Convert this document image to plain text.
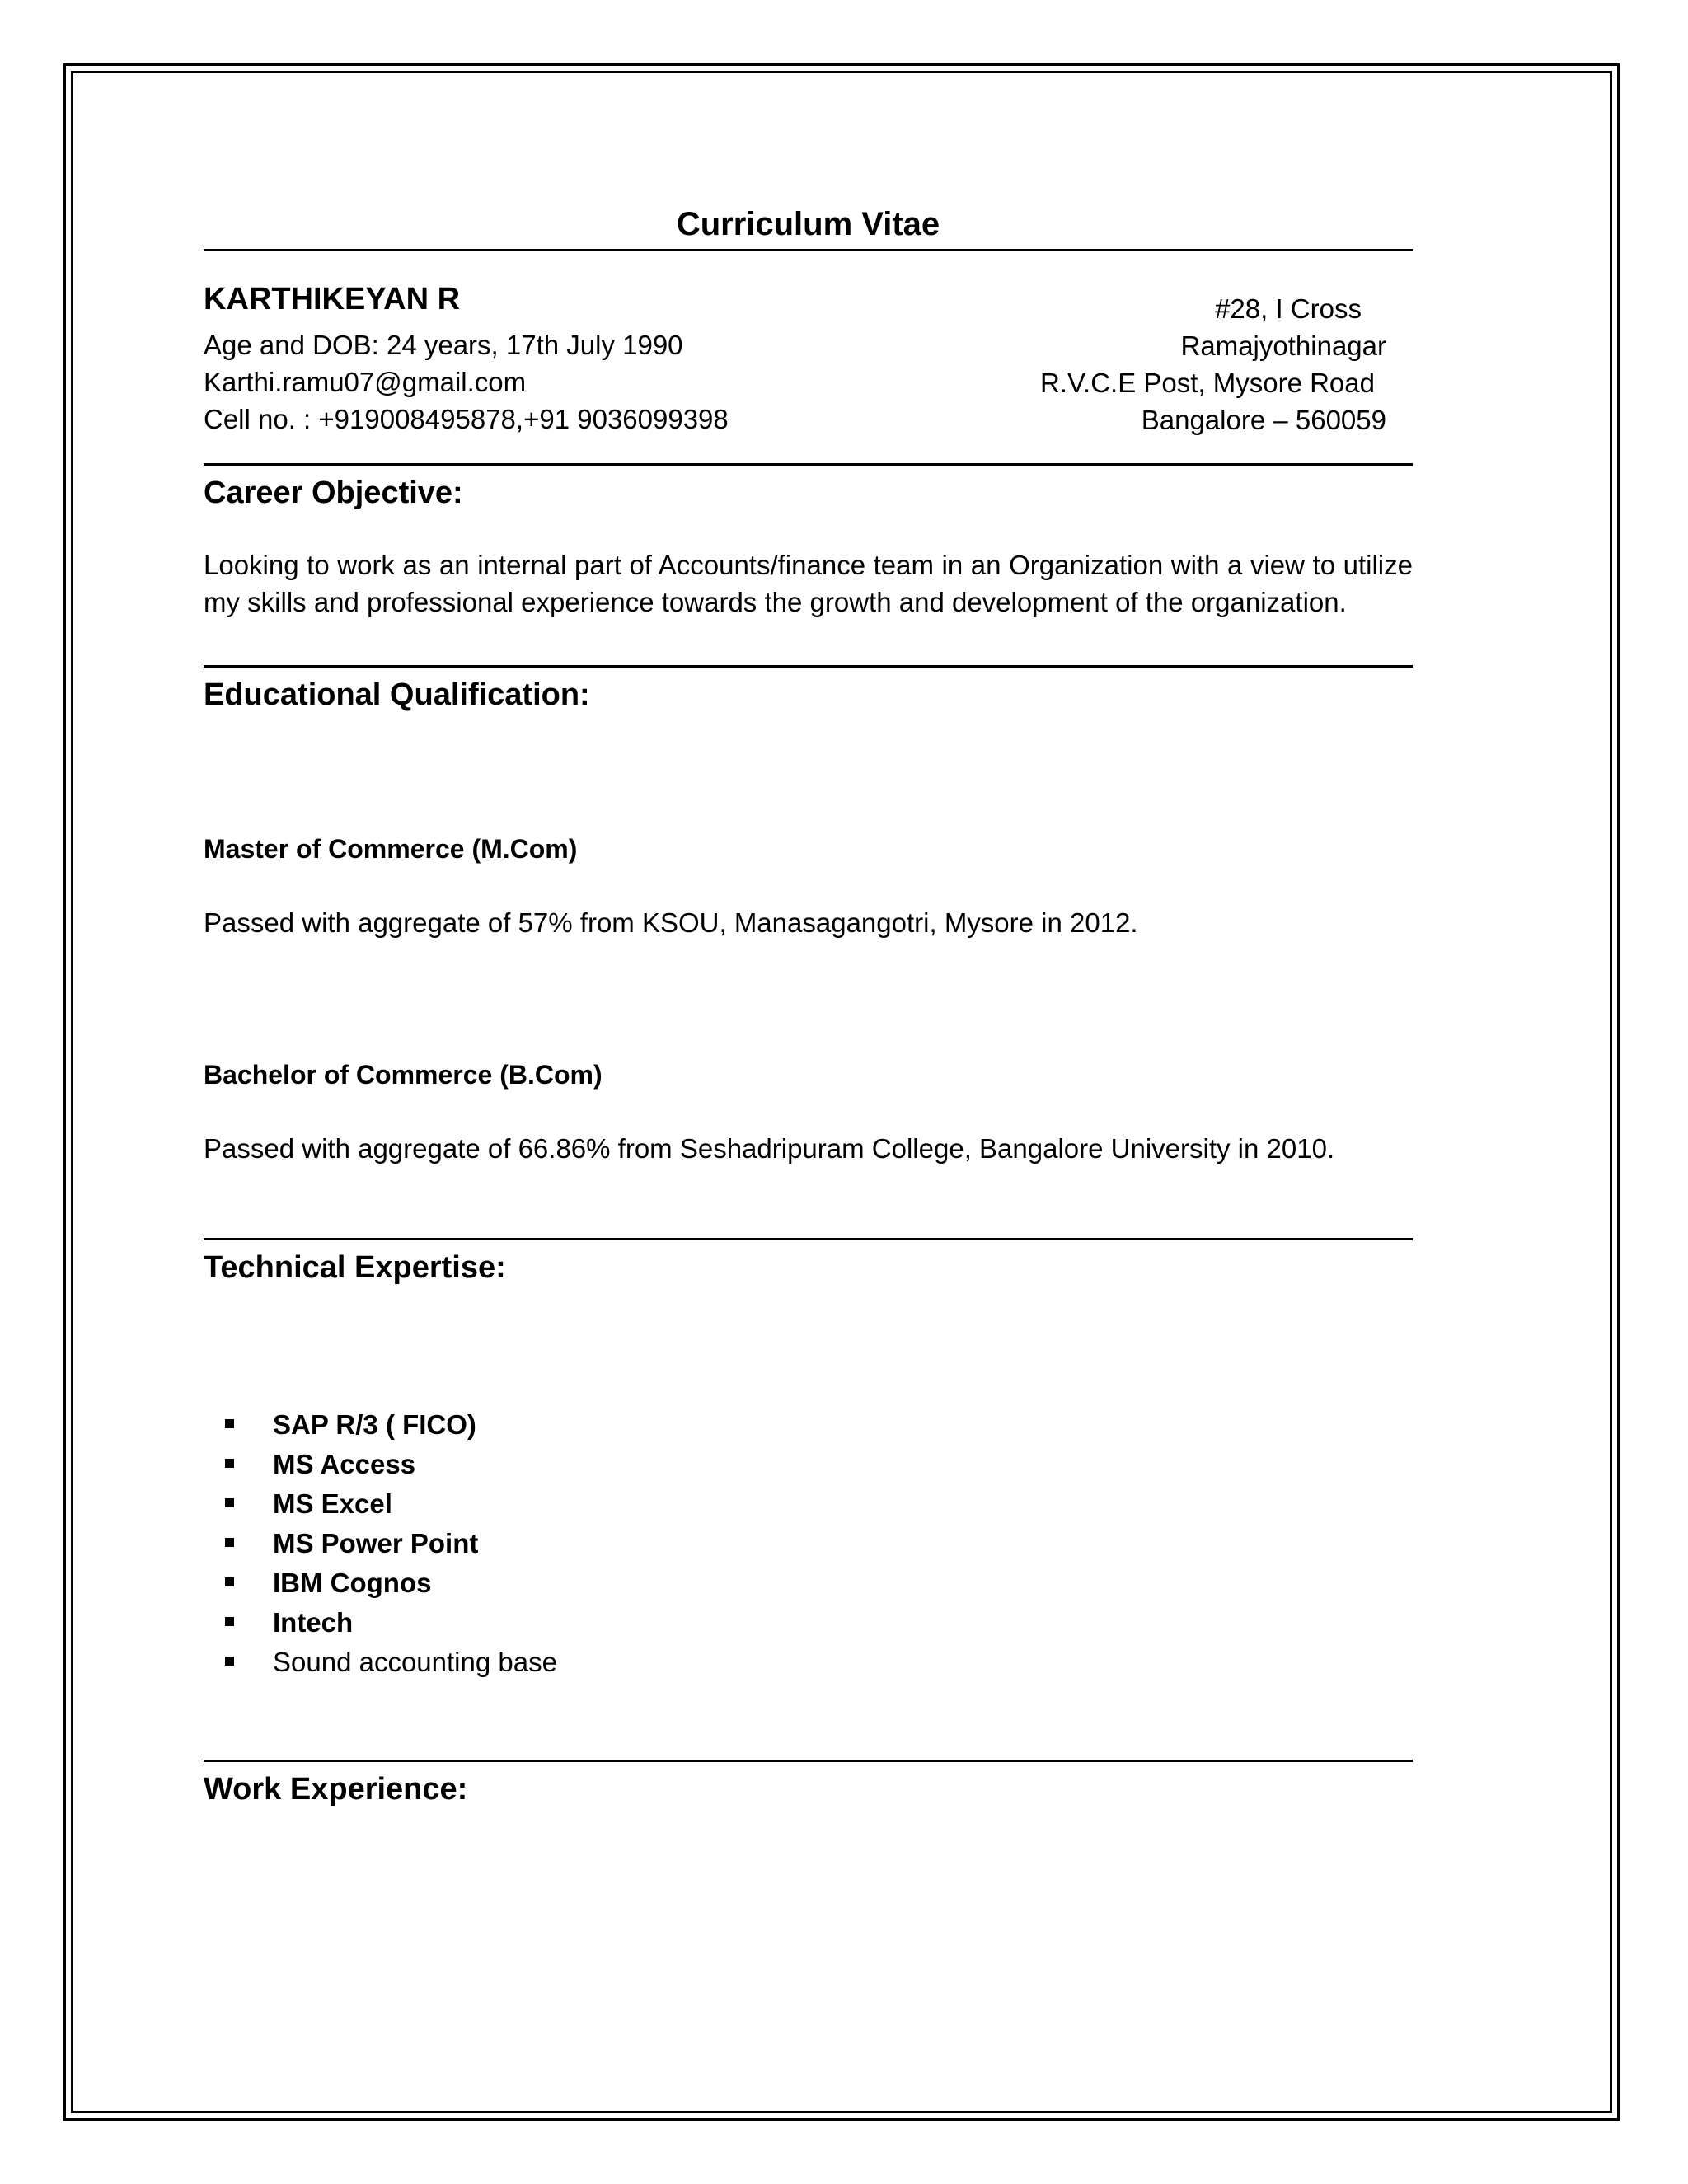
Curriculum Vitae
KARTHIKEYAN R
Age and DOB: 24 years, 17th July 1990
Karthi.ramu07@gmail.com
Cell no. : +919008495878,+91 9036099398
#28, I Cross
Ramajyothinagar
R.V.C.E Post, Mysore Road
Bangalore – 560059
Career Objective:
Looking to work as an internal part of Accounts/finance team in an Organization with a view to utilize my skills and professional experience towards the growth and development of the organization.
Educational Qualification:
Master of Commerce (M.Com)
Passed with aggregate of 57% from KSOU, Manasagangotri, Mysore in 2012.
Bachelor of Commerce (B.Com)
Passed with aggregate of 66.86% from Seshadripuram College, Bangalore University in 2010.
Technical Expertise:
SAP R/3 ( FICO)
MS Access
MS Excel
MS Power Point
IBM Cognos
Intech
Sound accounting base
Work Experience:
